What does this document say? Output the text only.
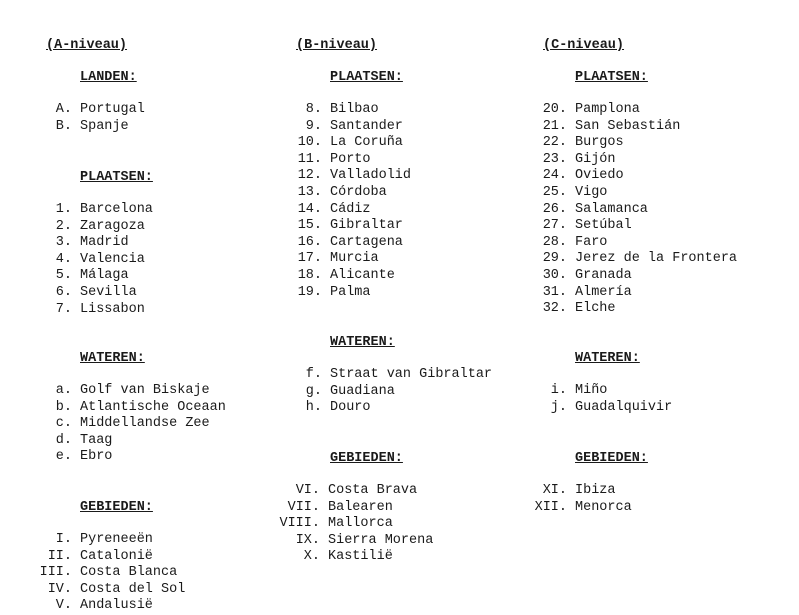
(A-niveau)
LANDEN:
A. Portugal
B. Spanje
PLAATSEN:
1. Barcelona
2. Zaragoza
3. Madrid
4. Valencia
5. Málaga
6. Sevilla
7. Lissabon
WATEREN:
a. Golf van Biskaje
b. Atlantische Oceaan
c. Middellandse Zee
d. Taag
e. Ebro
GEBIEDEN:
I. Pyreneeën
II. Catalonië
III. Costa Blanca
IV. Costa del Sol
V. Andalusië
(B-niveau)
PLAATSEN:
8. Bilbao
9. Santander
10. La Coruña
11. Porto
12. Valladolid
13. Córdoba
14. Cádiz
15. Gibraltar
16. Cartagena
17. Murcia
18. Alicante
19. Palma
WATEREN:
f. Straat van Gibraltar
g. Guadiana
h. Douro
GEBIEDEN:
VI. Costa Brava
VII. Balearen
VIII. Mallorca
IX. Sierra Morena
X. Kastilië
(C-niveau)
PLAATSEN:
20. Pamplona
21. San Sebastián
22. Burgos
23. Gijón
24. Oviedo
25. Vigo
26. Salamanca
27. Setúbal
28. Faro
29. Jerez de la Frontera
30. Granada
31. Almería
32. Elche
WATEREN:
i. Miño
j. Guadalquivir
GEBIEDEN:
XI. Ibiza
XII. Menorca
